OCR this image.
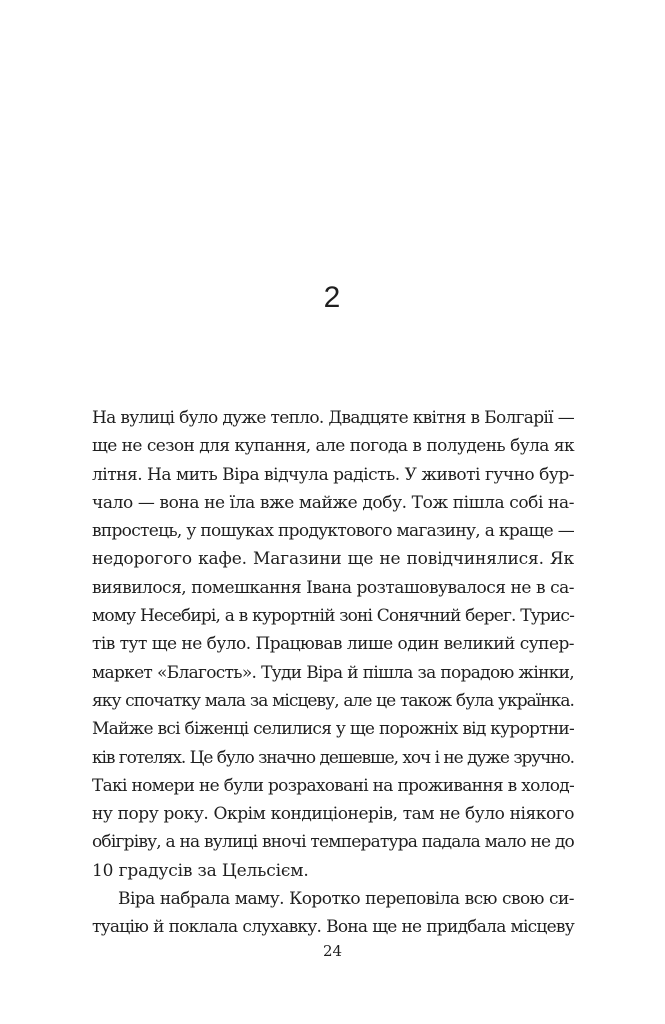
2
На вулиці було дуже тепло. Двадцяте квітня в Болгарії —
ще не сезон для купання, але погода в полудень була як
літня. На мить Віра відчула радість. У животі гучно бур-
чало — вона не їла вже майже добу. Тож пішла собі на-
впростець, у пошуках продуктового магазину, а краще —
недорогого кафе. Магазини ще не повідчинялися. Як
виявилося, помешкання Івана розташовувалося не в са-
мому Несебирі, а в курортній зоні Сонячний берег. Турис-
тів тут ще не було. Працював лише один великий супер-
маркет «Благость». Туди Віра й пішла за порадою жінки,
яку спочатку мала за місцеву, але це також була українка.
Майже всі біженці селилися у ще порожніх від курортни-
ків готелях. Це було значно дешевше, хоч і не дуже зручно.
Такі номери не були розраховані на проживання в холод-
ну пору року. Окрім кондиціонерів, там не було ніякого
обігріву, а на вулиці вночі температура падала мало не до
10 градусів за Цельсієм.
Віра набрала маму. Коротко переповіла всю свою си-
туацію й поклала слухавку. Вона ще не придбала місцеву
24
